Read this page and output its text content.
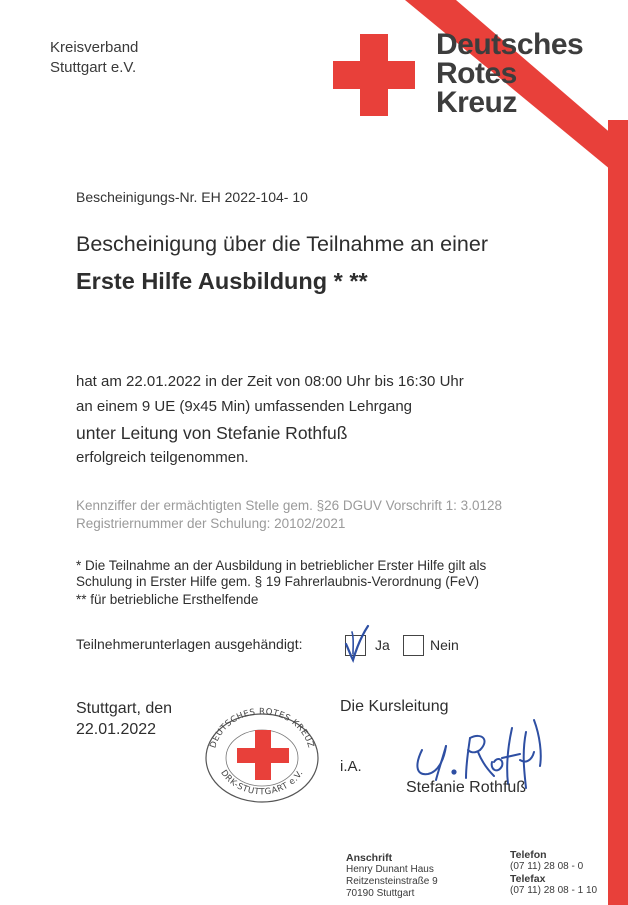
Kreisverband
Stuttgart e.V.
Deutsches
Rotes
Kreuz
Bescheinigungs-Nr. EH 2022-104- 10
Bescheinigung über die Teilnahme an einer
Erste Hilfe Ausbildung * **
hat am 22.01.2022 in der Zeit von 08:00 Uhr bis 16:30 Uhr
an einem 9 UE (9x45 Min) umfassenden Lehrgang
unter Leitung von Stefanie Rothfuß
erfolgreich teilgenommen.
Kennziffer der ermächtigten Stelle gem. §26 DGUV Vorschrift 1: 3.0128
Registriernummer der Schulung: 20102/2021
* Die Teilnahme an der Ausbildung in betrieblicher Erster Hilfe gilt als
Schulung in Erster Hilfe gem. § 19 Fahrerlaubnis-Verordnung (FeV)
** für betriebliche Ersthelfende
Teilnehmerunterlagen ausgehändigt:	Ja	Nein
Stuttgart, den
22.01.2022
DEUTSCHES ROTES KREUZ
DRK-STUTTGART e.V.
Die Kursleitung
i.A.
Stefanie Rothfuß
Anschrift
Henry Dunant Haus
Reitzensteinstraße 9
70190 Stuttgart
Telefon
(07 11) 28 08 - 0
Telefax
(07 11) 28 08 - 1 10
